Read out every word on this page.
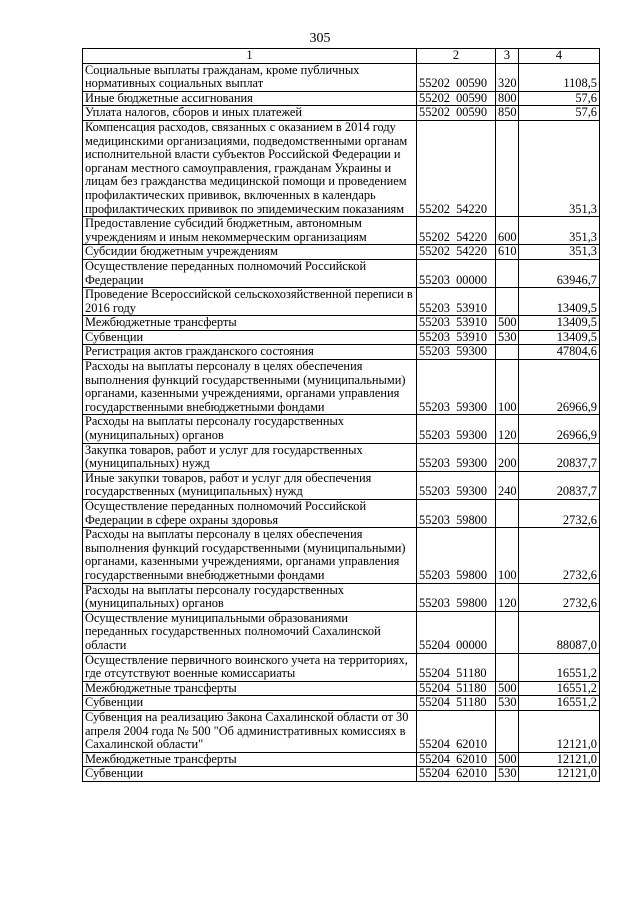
305
1	2	3	4
Социальные выплаты гражданам, кроме публичных нормативных социальных выплат	55202 00590	320	1108,5
Иные бюджетные ассигнования	55202 00590	800	57,6
Уплата налогов, сборов и иных платежей	55202 00590	850	57,6
Компенсация расходов, связанных с оказанием в 2014 году медицинскими организациями, подведомственными органам исполнительной власти субъектов Российской Федерации и органам местного самоуправления, гражданам Украины и лицам без гражданства медицинской помощи и проведением профилактических прививок, включенных в календарь профилактических прививок по эпидемическим показаниям	55202 54220		351,3
Предоставление субсидий бюджетным, автономным учреждениям и иным некоммерческим организациям	55202 54220	600	351,3
Субсидии бюджетным учреждениям	55202 54220	610	351,3
Осуществление переданных полномочий Российской Федерации	55203 00000		63946,7
Проведение Всероссийской сельскохозяйственной переписи в 2016 году	55203 53910		13409,5
Межбюджетные трансферты	55203 53910	500	13409,5
Субвенции	55203 53910	530	13409,5
Регистрация актов гражданского состояния	55203 59300		47804,6
Расходы на выплаты персоналу в целях обеспечения выполнения функций государственными (муниципальными) органами, казенными учреждениями, органами управления государственными внебюджетными фондами	55203 59300	100	26966,9
Расходы на выплаты персоналу государственных (муниципальных) органов	55203 59300	120	26966,9
Закупка товаров, работ и услуг для государственных (муниципальных) нужд	55203 59300	200	20837,7
Иные закупки товаров, работ и услуг для обеспечения государственных (муниципальных) нужд	55203 59300	240	20837,7
Осуществление переданных полномочий Российской Федерации в сфере охраны здоровья	55203 59800		2732,6
Расходы на выплаты персоналу в целях обеспечения выполнения функций государственными (муниципальными) органами, казенными учреждениями, органами управления государственными внебюджетными фондами	55203 59800	100	2732,6
Расходы на выплаты персоналу государственных (муниципальных) органов	55203 59800	120	2732,6
Осуществление муниципальными образованиями переданных государственных полномочий Сахалинской области	55204 00000		88087,0
Осуществление первичного воинского учета на территориях, где отсутствуют военные комиссариаты	55204 51180		16551,2
Межбюджетные трансферты	55204 51180	500	16551,2
Субвенции	55204 51180	530	16551,2
Субвенция на реализацию Закона Сахалинской области от 30 апреля 2004 года № 500 "Об административных комиссиях в Сахалинской области"	55204 62010		12121,0
Межбюджетные трансферты	55204 62010	500	12121,0
Субвенции	55204 62010	530	12121,0
